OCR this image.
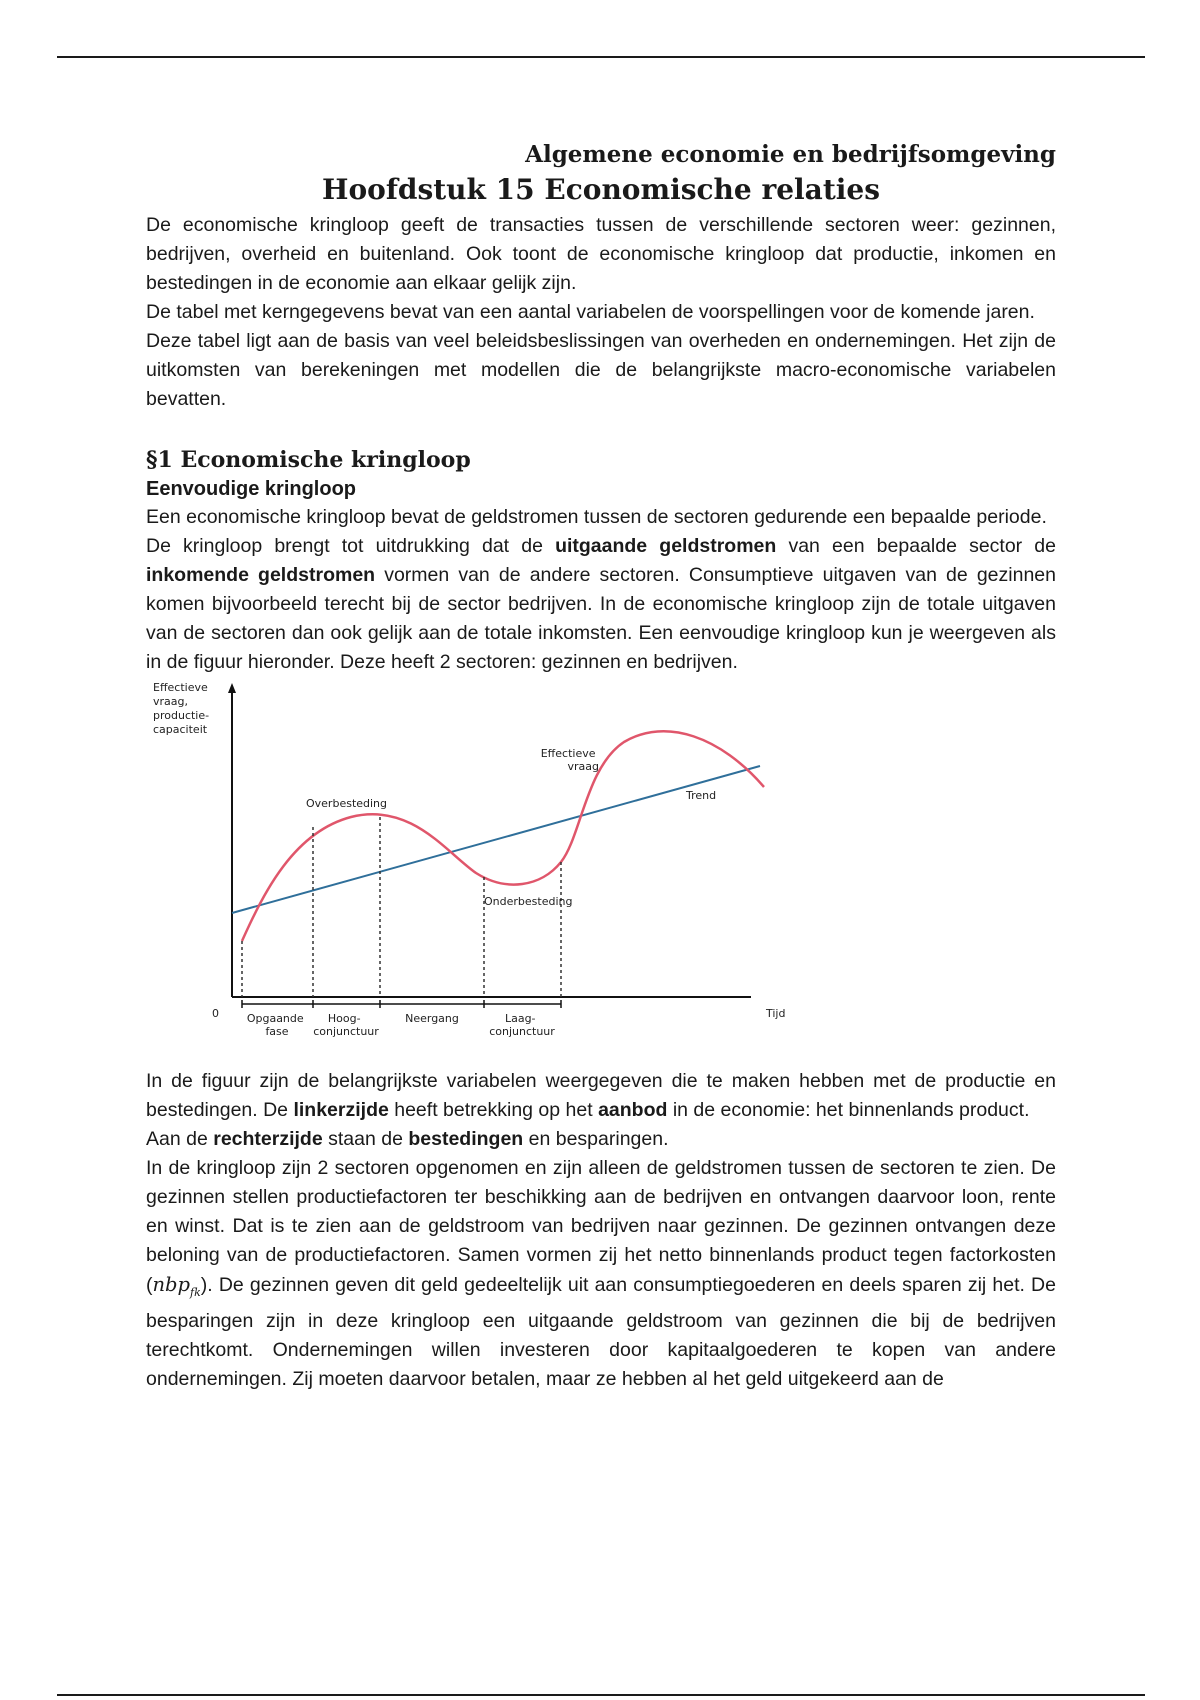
Algemene economie en bedrijfsomgeving
Hoofdstuk 15 Economische relaties

De economische kringloop geeft de transacties tussen de verschillende sectoren weer: gezinnen, bedrijven, overheid en buitenland. Ook toont de economische kringloop dat productie, inkomen en bestedingen in de economie aan elkaar gelijk zijn.

De tabel met kerngegevens bevat van een aantal variabelen de voorspellingen voor de komende jaren.

Deze tabel ligt aan de basis van veel beleidsbeslissingen van overheden en ondernemingen. Het zijn de uitkomsten van berekeningen met modellen die de belangrijkste macro-economische variabelen bevatten.

§1 Economische kringloop
Eenvoudige kringloop

Een economische kringloop bevat de geldstromen tussen de sectoren gedurende een bepaalde periode.

De kringloop brengt tot uitdrukking dat de uitgaande geldstromen van een bepaalde sector de inkomende geldstromen vormen van de andere sectoren. Consumptieve uitgaven van de gezinnen komen bijvoorbeeld terecht bij de sector bedrijven. In de economische kringloop zijn de totale uitgaven van de sectoren dan ook gelijk aan de totale inkomsten. Een eenvoudige kringloop kun je weergeven als in de figuur hieronder. Deze heeft 2 sectoren: gezinnen en bedrijven.

Effectieve vraag, productie- capaciteit
0	Tijd
Overbesteding
Onderbesteding
Effectieve vraag
Trend
Opgaande fase
Hoog- conjunctuur
Neergang	Laag- conjunctuur

In de figuur zijn de belangrijkste variabelen weergegeven die te maken hebben met de productie en bestedingen. De linkerzijde heeft betrekking op het aanbod in de economie: het binnenlands product.

Aan de rechterzijde staan de bestedingen en besparingen.

In de kringloop zijn 2 sectoren opgenomen en zijn alleen de geldstromen tussen de sectoren te zien. De gezinnen stellen productiefactoren ter beschikking aan de bedrijven en ontvangen daarvoor loon, rente en winst. Dat is te zien aan de geldstroom van bedrijven naar gezinnen. De gezinnen ontvangen deze beloning van de productiefactoren. Samen vormen zij het netto binnenlands product tegen factorkosten (nbp$_{fk}$). De gezinnen geven dit geld gedeeltelijk uit aan consumptiegoederen en deels sparen zij het. De besparingen zijn in deze kringloop een uitgaande geldstroom van gezinnen die bij de bedrijven terechtkomt. Ondernemingen willen investeren door kapitaalgoederen te kopen van andere ondernemingen. Zij moeten daarvoor betalen, maar ze hebben al het geld uitgekeerd aan de
